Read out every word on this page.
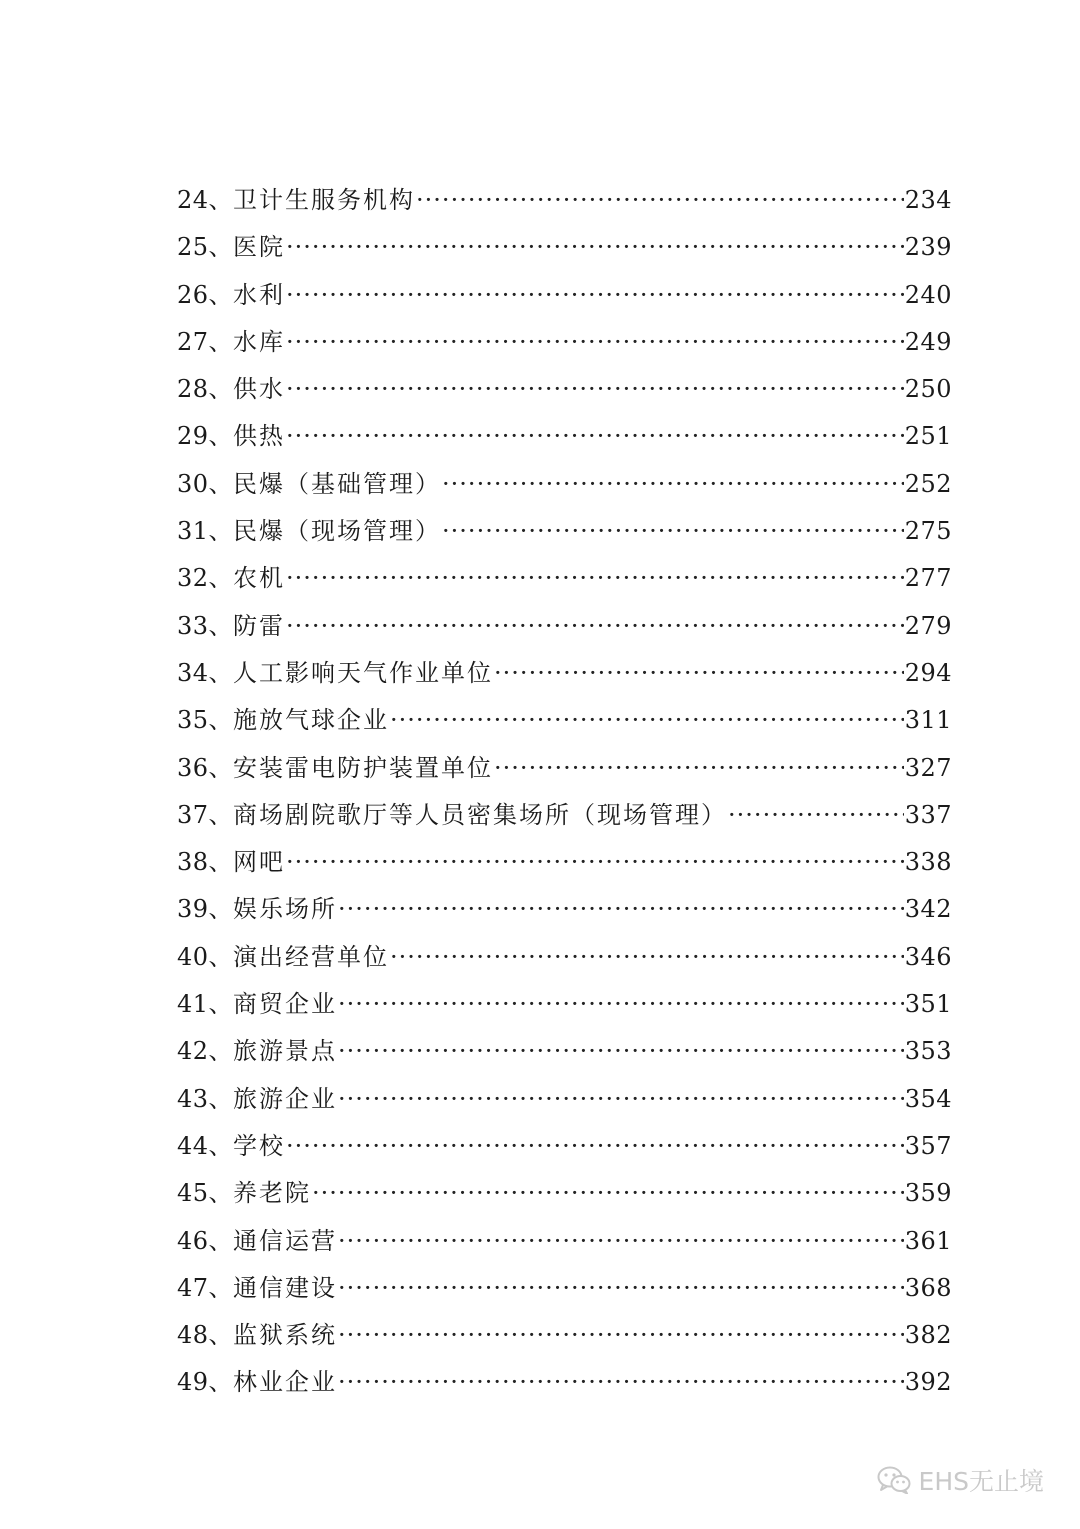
24 、 卫计生服务机构 ·····	234
25 、 医院 ·····	239
26 、 水利 ·····	240
27 、 水库 ·····	249
28 、 供水 ·····	250
29 、 供热 ·····	251
30 、 民爆（基础管理） ·····	252
31 、 民爆（现场管理） ·····	275
32 、 农机 ·····	277
33 、 防雷 ·····	279
34 、 人工影响天气作业单位 ·····	294
35 、 施放气球企业 ·····	311
36 、 安装雷电防护装置单位 ·····	327
37 、 商场剧院歌厅等人员密集场所（现场管理） ·····	337
38 、 网吧 ·····	338
39 、 娱乐场所 ·····	342
40 、 演出经营单位 ·····	346
41 、 商贸企业 ·····	351
42 、 旅游景点 ·····	353
43 、 旅游企业 ·····	354
44 、 学校 ·····	357
45 、 养老院 ·····	359
46 、 通信运营 ·····	361
47 、 通信建设 ·····	368
48 、 监狱系统 ·····	382
49 、 林业企业 ·····	392
EHS无止境
